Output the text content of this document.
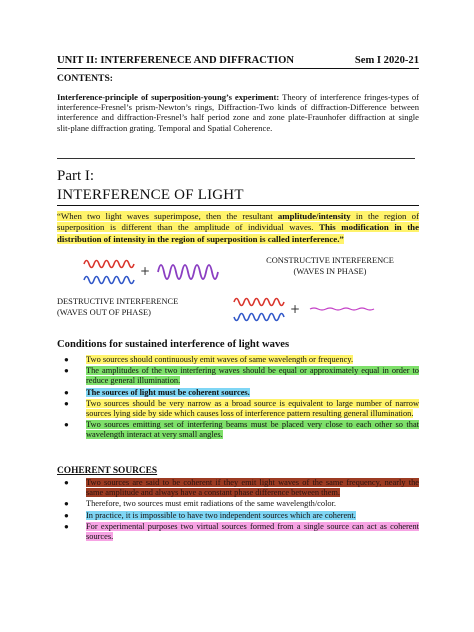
UNIT II: INTERFERENECE AND DIFFRACTION	Sem I 2020-21
CONTENTS:
Interference-principle of superposition-young’s experiment: Theory of interference fringes-types of interference-Fresnel’s prism-Newton’s rings, Diffraction-Two kinds of diffraction-Difference between interference and diffraction-Fresnel’s half period zone and zone plate-Fraunhofer diffraction at single slit-plane diffraction grating. Temporal and Spatial Coherence.
Part I:
INTERFERENCE OF LIGHT
“When two light waves superimpose, then the resultant amplitude/intensity in the region of superposition is different than the amplitude of individual waves. This modification in the distribution of intensity in the region of superposition is called interference.”
+
CONSTRUCTIVE INTERFERENCE
(WAVES IN PHASE)
+
DESTRUCTIVE INTERFERENCE
(WAVES OUT OF PHASE)
Conditions for sustained interference of light waves
● Two sources should continuously emit waves of same wavelength or frequency.
● The amplitudes of the two interfering waves should be equal or approximately equal in order to reduce general illumination.
● The sources of light must be coherent sources.
● Two sources should be very narrow as a broad source is equivalent to large number of narrow sources lying side by side which causes loss of interference pattern resulting general illumination.
● Two sources emitting set of interfering beams must be placed very close to each other so that wavelength interact at very small angles.
COHERENT SOURCES
● Two sources are said to be coherent if they emit light waves of the same frequency, nearly the same amplitude and always have a constant phase difference between them.
● Therefore, two sources must emit radiations of the same wavelength/color.
● In practice, it is impossible to have two independent sources which are coherent.
● For experimental purposes two virtual sources formed from a single source can act as coherent sources.
